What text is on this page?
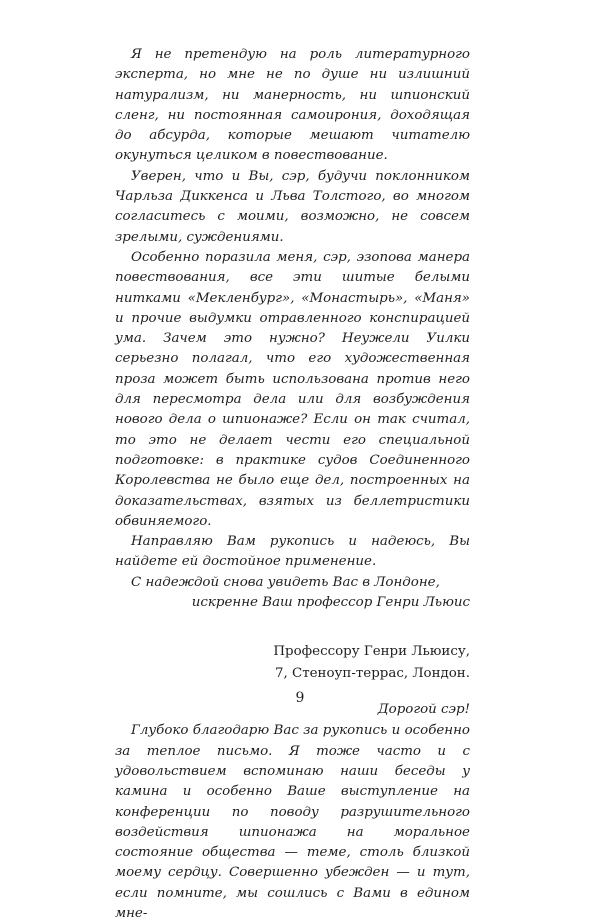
Я не претендую на роль литературного эксперта, но мне не по душе ни излишний натурализм, ни манерность, ни шпионский сленг, ни постоянная самоирония, доходящая до абсурда, которые мешают читателю окунуться целиком в повествование.

Уверен, что и Вы, сэр, будучи поклонником Чарльза Диккенса и Льва Толстого, во многом согласитесь с моими, возможно, не совсем зрелыми, суждениями.

Особенно поразила меня, сэр, эзопова манера повествования, все эти шитые белыми нитками «Мекленбург», «Монастырь», «Маня» и прочие выдумки отравленного конспирацией ума. Зачем это нужно? Неужели Уилки серьезно полагал, что его художественная проза может быть использована против него для пересмотра дела или для возбуждения нового дела о шпионаже? Если он так считал, то это не делает чести его специальной подготовке: в практике судов Соединенного Королевства не было еще дел, построенных на доказательствах, взятых из беллетристики обвиняемого.

Направляю Вам рукопись и надеюсь, Вы найдете ей достойное применение.

С надеждой снова увидеть Вас в Лондоне,

искренне Ваш профессор Генри Льюис

Профессору Генри Льюису,

7, Стеноуп-террас, Лондон.

Дорогой сэр!

Глубоко благодарю Вас за рукопись и особенно за теплое письмо. Я тоже часто и с удовольствием вспоминаю наши беседы у камина и особенно Ваше выступление на конференции по поводу разрушительного воздействия шпионажа на моральное состояние общества — теме, столь близкой моему сердцу. Совершенно убежден — и тут, если помните, мы сошлись с Вами в едином мне-

9
